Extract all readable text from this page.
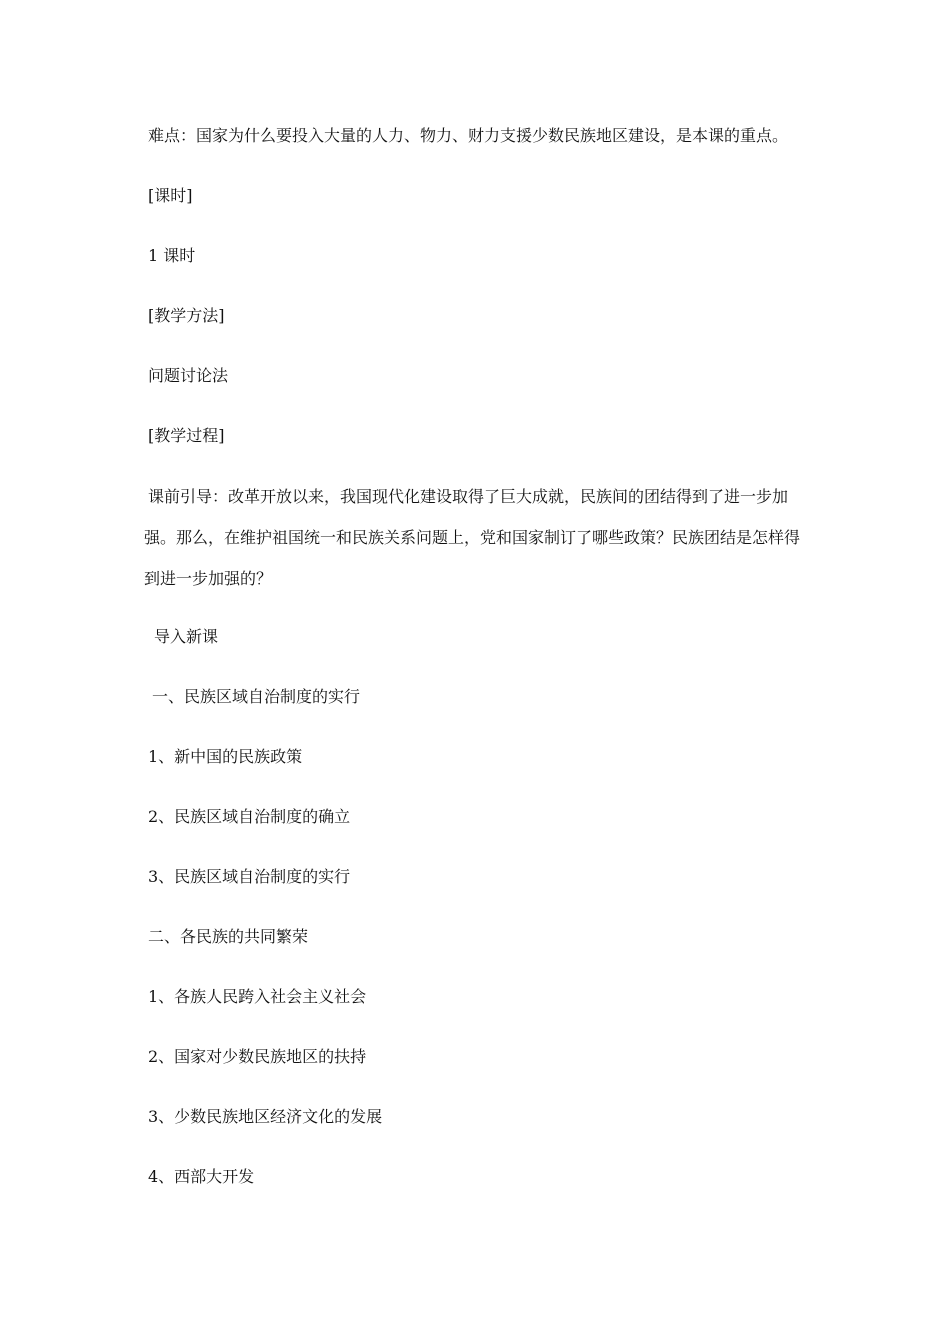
难点：国家为什么要投入大量的人力、物力、财力支援少数民族地区建设，是本课的重点。
[课时]
1 课时
[教学方法]
问题讨论法
[教学过程]
课前引导：改革开放以来，我国现代化建设取得了巨大成就，民族间的团结得到了进一步加强。那么，在维护祖国统一和民族关系问题上，党和国家制订了哪些政策？民族团结是怎样得到进一步加强的？
导入新课
一、民族区域自治制度的实行
1、新中国的民族政策
2、民族区域自治制度的确立
3、民族区域自治制度的实行
二、各民族的共同繁荣
1、各族人民跨入社会主义社会
2、国家对少数民族地区的扶持
3、少数民族地区经济文化的发展
4、西部大开发
